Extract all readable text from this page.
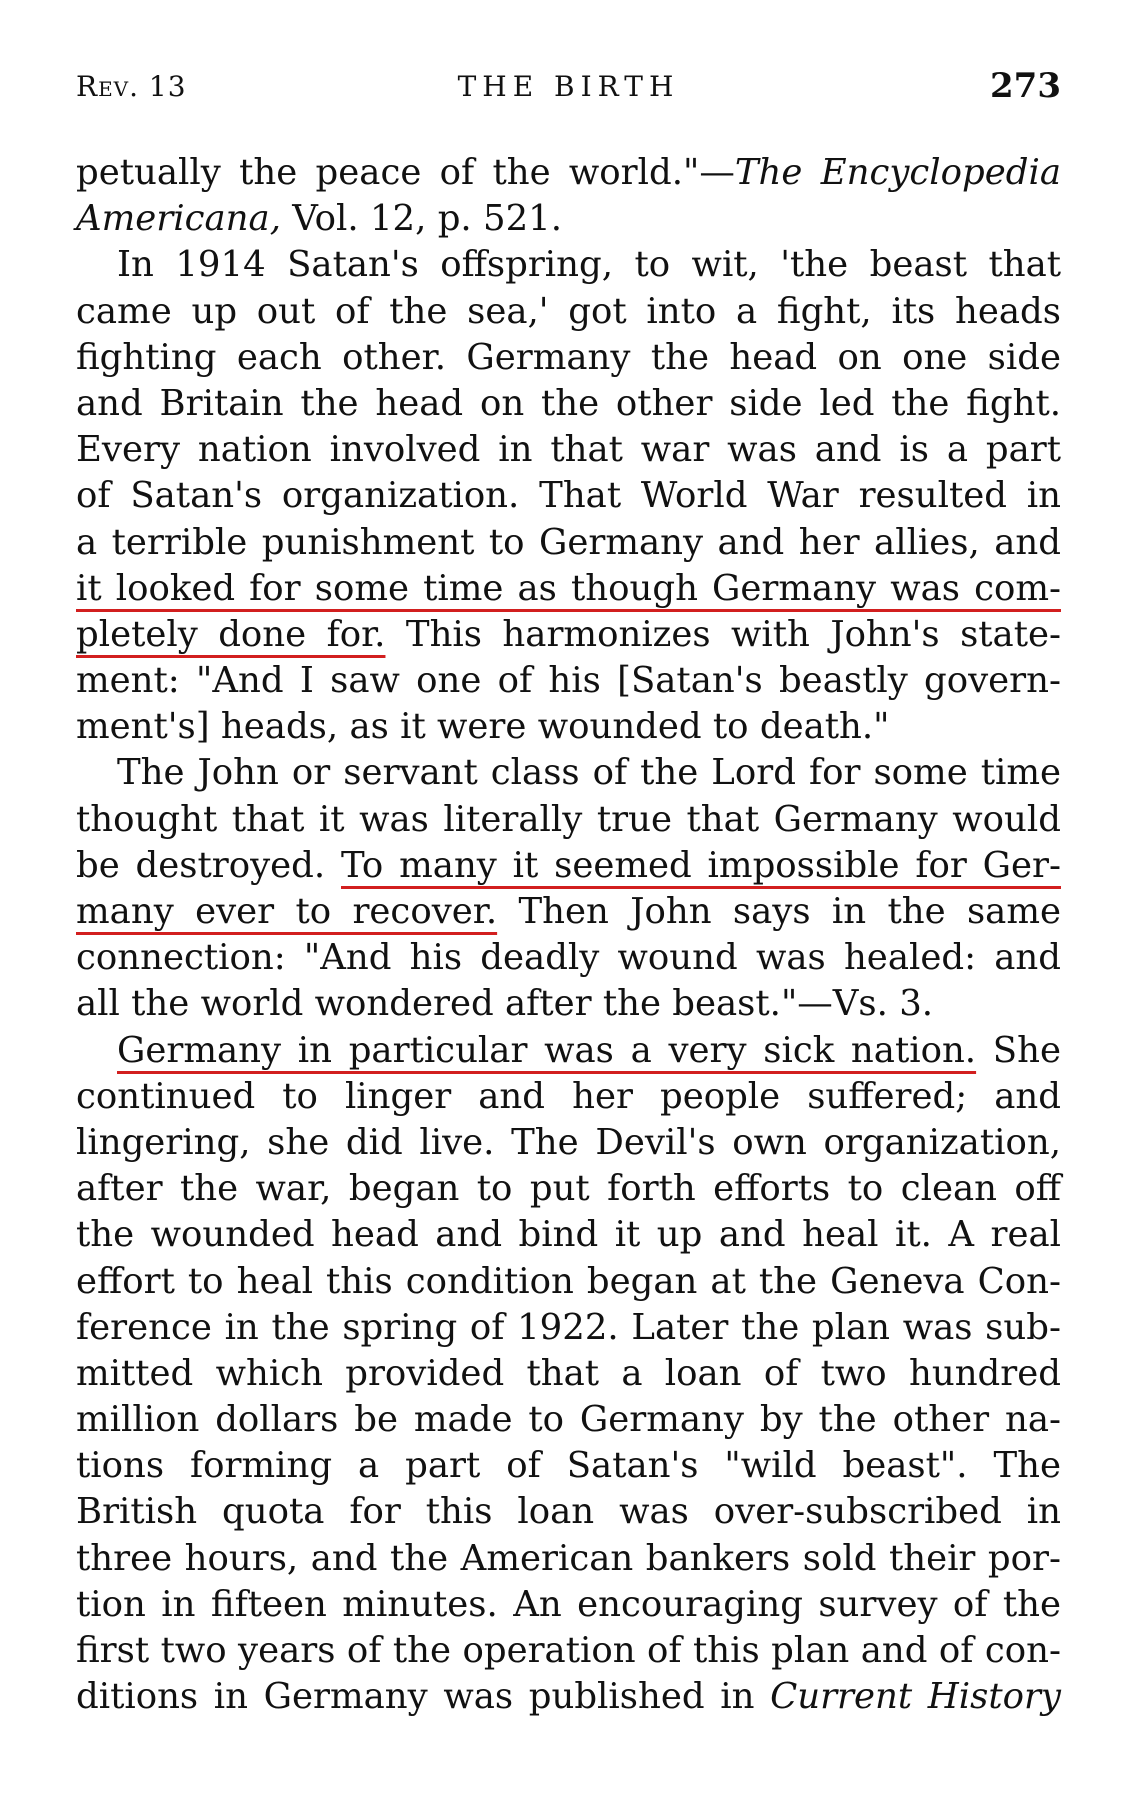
Rev. 13	THE BIRTH	273
petually the peace of the world."—The Encyclopedia
Americana, Vol. 12, p. 521.
In 1914 Satan's offspring, to wit, 'the beast that
came up out of the sea,' got into a fight, its heads
fighting each other. Germany the head on one side
and Britain the head on the other side led the fight.
Every nation involved in that war was and is a part
of Satan's organization. That World War resulted in
a terrible punishment to Germany and her allies, and
it looked for some time as though Germany was com-
pletely done for. This harmonizes with John's state-
ment: "And I saw one of his [Satan's beastly govern-
ment's] heads, as it were wounded to death."
The John or servant class of the Lord for some time
thought that it was literally true that Germany would
be destroyed. To many it seemed impossible for Ger-
many ever to recover. Then John says in the same
connection: "And his deadly wound was healed: and
all the world wondered after the beast."—Vs. 3.
Germany in particular was a very sick nation. She
continued to linger and her people suffered; and
lingering, she did live. The Devil's own organization,
after the war, began to put forth efforts to clean off
the wounded head and bind it up and heal it. A real
effort to heal this condition began at the Geneva Con-
ference in the spring of 1922. Later the plan was sub-
mitted which provided that a loan of two hundred
million dollars be made to Germany by the other na-
tions forming a part of Satan's "wild beast". The
British quota for this loan was over-subscribed in
three hours, and the American bankers sold their por-
tion in fifteen minutes. An encouraging survey of the
first two years of the operation of this plan and of con-
ditions in Germany was published in Current History
